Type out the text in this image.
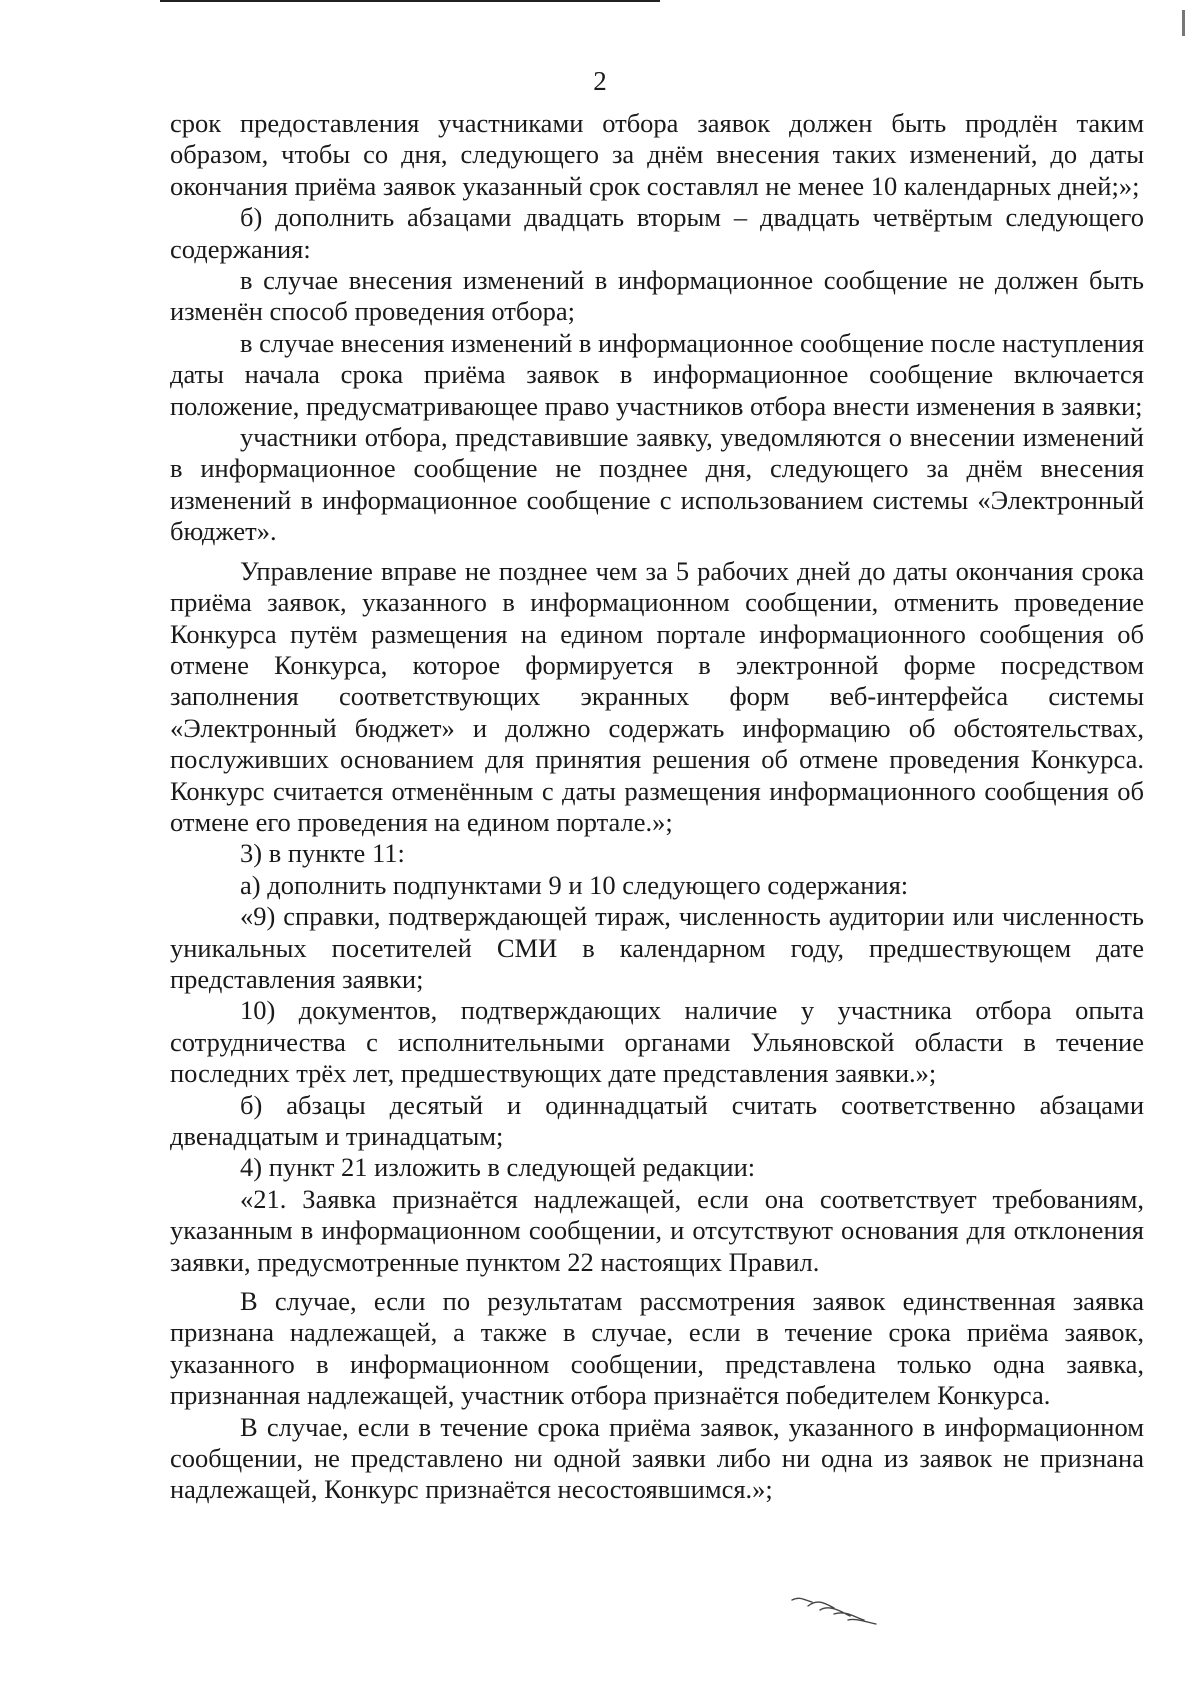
2

срок предоставления участниками отбора заявок должен быть продлён таким образом, чтобы со дня, следующего за днём внесения таких изменений, до даты окончания приёма заявок указанный срок составлял не менее 10 календарных дней;»;

б) дополнить абзацами двадцать вторым – двадцать четвёртым следующего содержания:

в случае внесения изменений в информационное сообщение не должен быть изменён способ проведения отбора;

в случае внесения изменений в информационное сообщение после наступления даты начала срока приёма заявок в информационное сообщение включается положение, предусматривающее право участников отбора внести изменения в заявки;

участники отбора, представившие заявку, уведомляются о внесении изменений в информационное сообщение не позднее дня, следующего за днём внесения изменений в информационное сообщение с использованием системы «Электронный бюджет».

Управление вправе не позднее чем за 5 рабочих дней до даты окончания срока приёма заявок, указанного в информационном сообщении, отменить проведение Конкурса путём размещения на едином портале информационного сообщения об отмене Конкурса, которое формируется в электронной форме посредством заполнения соответствующих экранных форм веб-интерфейса системы «Электронный бюджет» и должно содержать информацию об обстоятельствах, послуживших основанием для принятия решения об отмене проведения Конкурса. Конкурс считается отменённым с даты размещения информационного сообщения об отмене его проведения на едином портале.»;

3) в пункте 11:

а) дополнить подпунктами 9 и 10 следующего содержания:

«9) справки, подтверждающей тираж, численность аудитории или численность уникальных посетителей СМИ в календарном году, предшествующем дате представления заявки;

10) документов, подтверждающих наличие у участника отбора опыта сотрудничества с исполнительными органами Ульяновской области в течение последних трёх лет, предшествующих дате представления заявки.»;

б) абзацы десятый и одиннадцатый считать соответственно абзацами двенадцатым и тринадцатым;

4) пункт 21 изложить в следующей редакции:

«21. Заявка признаётся надлежащей, если она соответствует требованиям, указанным в информационном сообщении, и отсутствуют основания для отклонения заявки, предусмотренные пунктом 22 настоящих Правил.

В случае, если по результатам рассмотрения заявок единственная заявка признана надлежащей, а также в случае, если в течение срока приёма заявок, указанного в информационном сообщении, представлена только одна заявка, признанная надлежащей, участник отбора признаётся победителем Конкурса.

В случае, если в течение срока приёма заявок, указанного в информационном сообщении, не представлено ни одной заявки либо ни одна из заявок не признана надлежащей, Конкурс признаётся несостоявшимся.»;
